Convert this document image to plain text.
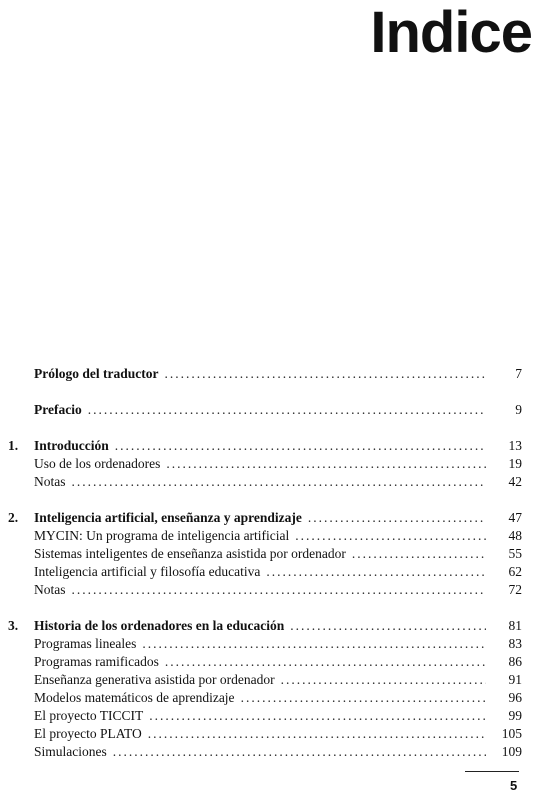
Indice
Prólogo del traductor .....	7
Prefacio .....	9
1.	Introducción .....	13
Uso de los ordenadores .....	19
Notas .....	42
2.	Inteligencia artificial, enseñanza y aprendizaje .....	47
MYCIN: Un programa de inteligencia artificial .....	48
Sistemas inteligentes de enseñanza asistida por ordenador .....	55
Inteligencia artificial y filosofía educativa .....	62
Notas .....	72
3.	Historia de los ordenadores en la educación .....	81
Programas lineales .....	83
Programas ramificados .....	86
Enseñanza generativa asistida por ordenador .....	91
Modelos matemáticos de aprendizaje .....	96
El proyecto TICCIT .....	99
El proyecto PLATO .....	105
Simulaciones .....	109
5
